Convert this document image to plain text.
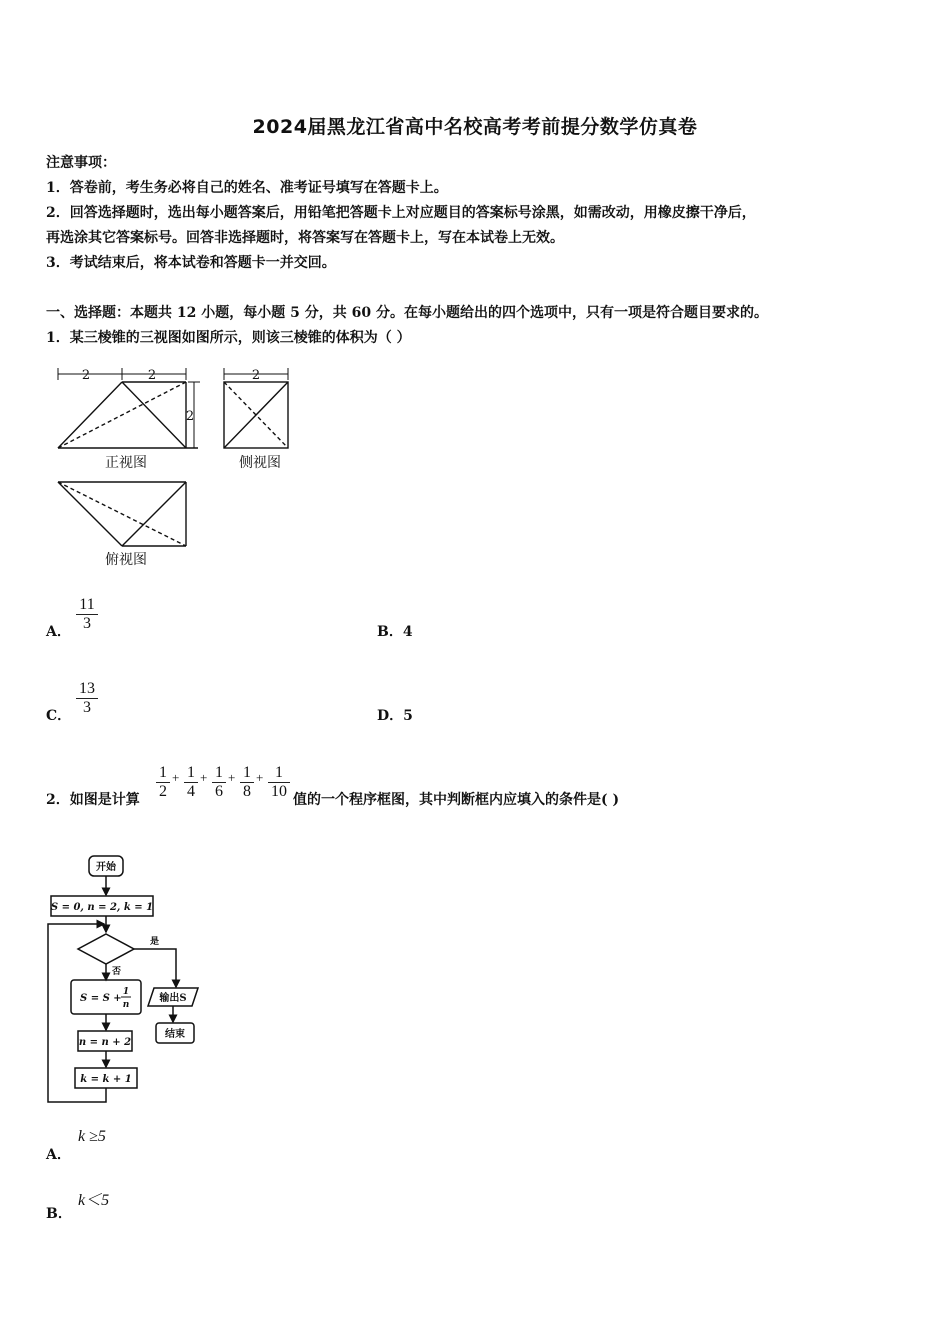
2024届黑龙江省高中名校高考考前提分数学仿真卷
注意事项：
1．答卷前，考生务必将自己的姓名、准考证号填写在答题卡上。
2．回答选择题时，选出每小题答案后，用铅笔把答题卡上对应题目的答案标号涂黑，如需改动，用橡皮擦干净后，
再选涂其它答案标号。回答非选择题时，将答案写在答题卡上，写在本试卷上无效。
3．考试结束后，将本试卷和答题卡一并交回。
一、选择题：本题共 12 小题，每小题 5 分，共 60 分。在每小题给出的四个选项中，只有一项是符合题目要求的。
1．某三棱锥的三视图如图所示，则该三棱锥的体积为（ ）
2	2
2
2
正视图	侧视图
俯视图
A． $\frac{11}{3}$	B．4
C． $\frac{13}{3}$	D．5
2．如图是计算 $\frac{1}{2} + \frac{1}{4} + \frac{1}{6} + \frac{1}{8} + \frac{1}{10}$ 值的一个程序框图，其中判断框内应填入的条件是( )
开始
S = 0, n = 2, k = 1
是
否
S = S +
1
n
输出S
结束
n = n + 2
k = k + 1
A．
k ≥5
B．
k＜5
